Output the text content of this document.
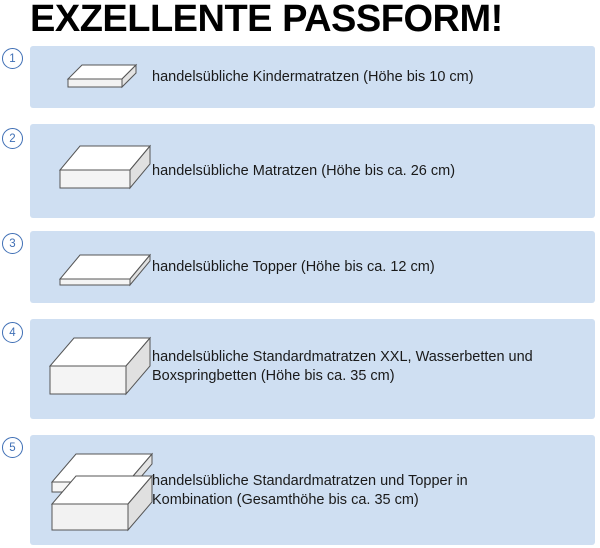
EXZELLENTE PASSFORM!
1
handelsübliche Kindermatratzen (Höhe bis 10 cm)
2
handelsübliche Matratzen (Höhe bis ca. 26 cm)
3
handelsübliche Topper (Höhe bis ca. 12 cm)
4
handelsübliche Standardmatratzen XXL, Wasserbetten und Boxspringbetten (Höhe bis ca. 35 cm)
5
handelsübliche Standardmatratzen und Topper in Kombination (Gesamthöhe bis ca. 35 cm)
